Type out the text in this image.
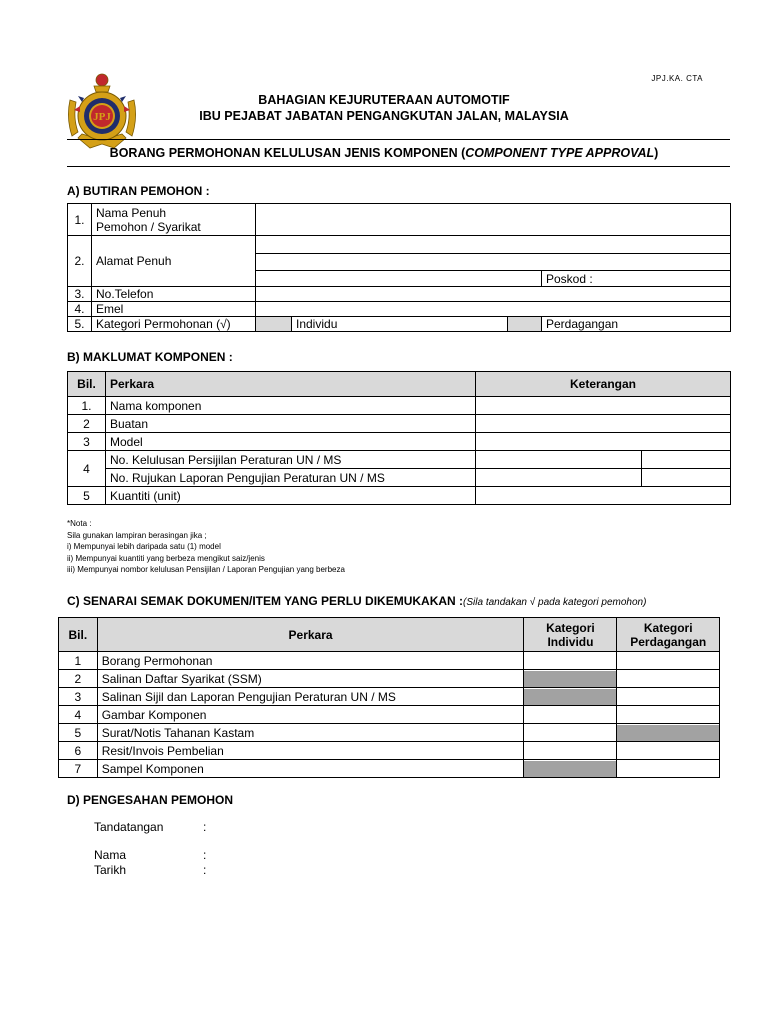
JPJ
JPJ.KA. CTA
BAHAGIAN KEJURUTERAAN AUTOMOTIF
IBU PEJABAT JABATAN PENGANGKUTAN JALAN, MALAYSIA
BORANG PERMOHONAN KELULUSAN JENIS KOMPONEN (COMPONENT TYPE APPROVAL)
A) BUTIRAN PEMOHON :
1.	Nama Penuh
Pemohon / Syarikat				
2.	Alamat Penuh				

					Poskod :
3.	No.Telefon				
4.	Emel				
5.	Kategori Permohonan (√)		Individu		Perdagangan
B) MAKLUMAT KOMPONEN :
Bil.	Perkara	Keterangan	
1.	Nama komponen		
2	Buatan		
3	Model		
4	No. Kelulusan Persijilan Peraturan UN / MS		
	No. Rujukan Laporan Pengujian Peraturan UN / MS		
5	Kuantiti (unit)		
*Nota :
Sila gunakan lampiran berasingan jika ;
i) Mempunyai lebih daripada satu (1) model
ii) Mempunyai kuantiti yang berbeza mengikut saiz/jenis
iii) Mempunyai nombor kelulusan Pensijilan / Laporan Pengujian yang berbeza
C) SENARAI SEMAK DOKUMEN/ITEM YANG PERLU DIKEMUKAKAN :(Sila tandakan √ pada kategori pemohon)
Bil.	Perkara	Kategori Individu	Kategori Perdagangan
1	Borang Permohonan		
2	Salinan Daftar Syarikat (SSM)		
3	Salinan Sijil dan Laporan Pengujian Peraturan UN / MS		
4	Gambar Komponen		
5	Surat/Notis Tahanan Kastam		
6	Resit/Invois Pembelian		
7	Sampel Komponen		
D) PENGESAHAN PEMOHON
Tandatangan	:
Nama	:
Tarikh	:
